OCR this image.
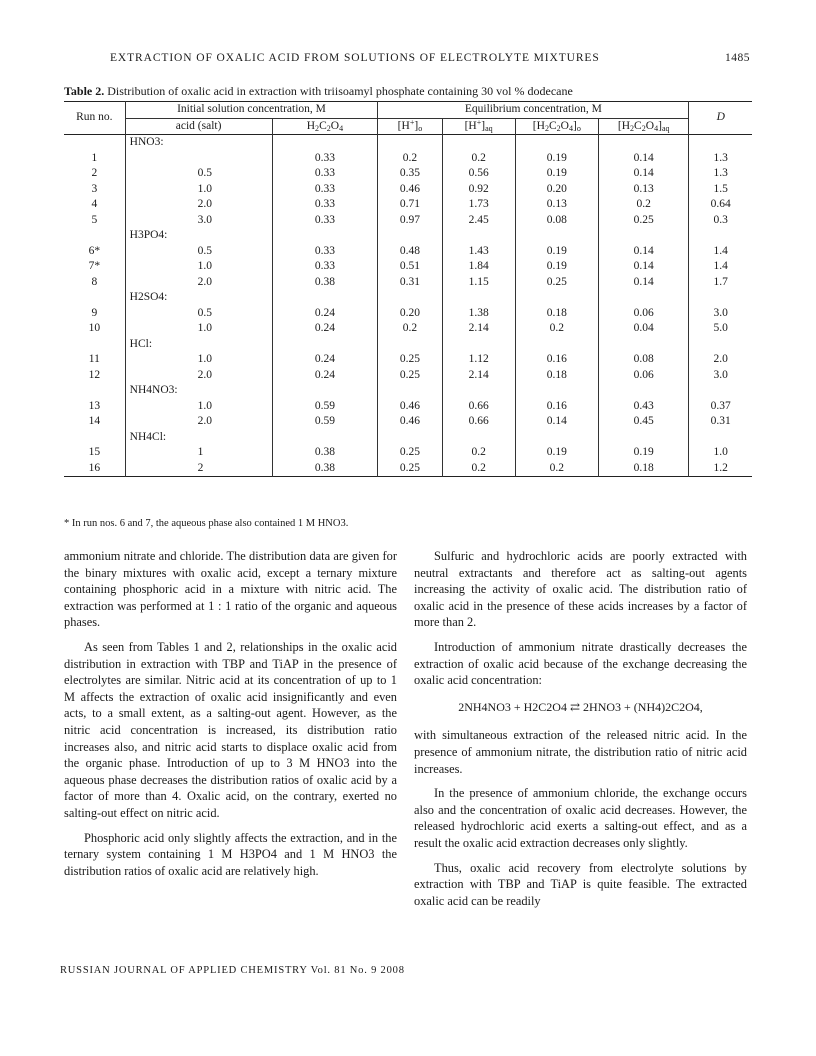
EXTRACTION OF OXALIC ACID FROM SOLUTIONS OF ELECTROLYTE MIXTURES	1485
Table 2. Distribution of oxalic acid in extraction with triisoamyl phosphate containing 30 vol % dodecane
Run no.	Initial solution concentration, M		Equilibrium concentration, M				D
	acid (salt)	$H_2C_2O_4$	$[H^+]_o$	$[H^+]_{aq}$	$[H_2C_2O_4]_o$	$[H_2C_2O_4]_{aq}$
	HNO3:						
1		0.33	0.2	0.2	0.19	0.14	1.3
2	0.5	0.33	0.35	0.56	0.19	0.14	1.3
3	1.0	0.33	0.46	0.92	0.20	0.13	1.5
4	2.0	0.33	0.71	1.73	0.13	0.2	0.64
5	3.0	0.33	0.97	2.45	0.08	0.25	0.3
	H3PO4:						
6*	0.5	0.33	0.48	1.43	0.19	0.14	1.4
7*	1.0	0.33	0.51	1.84	0.19	0.14	1.4
8	2.0	0.38	0.31	1.15	0.25	0.14	1.7
	H2SO4:						
9	0.5	0.24	0.20	1.38	0.18	0.06	3.0
10	1.0	0.24	0.2	2.14	0.2	0.04	5.0
	HCl:						
11	1.0	0.24	0.25	1.12	0.16	0.08	2.0
12	2.0	0.24	0.25	2.14	0.18	0.06	3.0
	NH4NO3:						
13	1.0	0.59	0.46	0.66	0.16	0.43	0.37
14	2.0	0.59	0.46	0.66	0.14	0.45	0.31
	NH4Cl:						
15	1	0.38	0.25	0.2	0.19	0.19	1.0
16	2	0.38	0.25	0.2	0.2	0.18	1.2
* In run nos. 6 and 7, the aqueous phase also contained 1 M HNO3.

ammonium nitrate and chloride. The distribution data are given for the binary mixtures with oxalic acid, except a ternary mixture containing phosphoric acid in a mixture with nitric acid. The extraction was performed at 1 : 1 ratio of the organic and aqueous phases.

As seen from Tables 1 and 2, relationships in the oxalic acid distribution in extraction with TBP and TiAP in the presence of electrolytes are similar. Nitric acid at its concentration of up to 1 M affects the extraction of oxalic acid insignificantly and even acts, to a small extent, as a salting-out agent. However, as the nitric acid concentration is increased, its distribution ratio increases also, and nitric acid starts to displace oxalic acid from the organic phase. Introduction of up to 3 M HNO3 into the aqueous phase decreases the distribution ratios of oxalic acid by a factor of more than 4. Oxalic acid, on the contrary, exerted no salting-out effect on nitric acid.

Phosphoric acid only slightly affects the extraction, and in the ternary system containing 1 M H3PO4 and 1 M HNO3 the distribution ratios of oxalic acid are relatively high.

Sulfuric and hydrochloric acids are poorly extracted with neutral extractants and therefore act as salting-out agents increasing the activity of oxalic acid. The distribution ratio of oxalic acid in the presence of these acids increases by a factor of more than 2.

Introduction of ammonium nitrate drastically decreases the extraction of oxalic acid because of the exchange decreasing the oxalic acid concentration:

2NH4NO3 + H2C2O4 ⇄ 2HNO3 + (NH4)2C2O4,

with simultaneous extraction of the released nitric acid. In the presence of ammonium nitrate, the distribution ratio of nitric acid increases.

In the presence of ammonium chloride, the exchange occurs also and the concentration of oxalic acid decreases. However, the released hydrochloric acid exerts a salting-out effect, and as a result the oxalic acid extraction decreases only slightly.

Thus, oxalic acid recovery from electrolyte solutions by extraction with TBP and TiAP is quite feasible. The extracted oxalic acid can be readily

RUSSIAN JOURNAL OF APPLIED CHEMISTRY Vol. 81 No. 9 2008
